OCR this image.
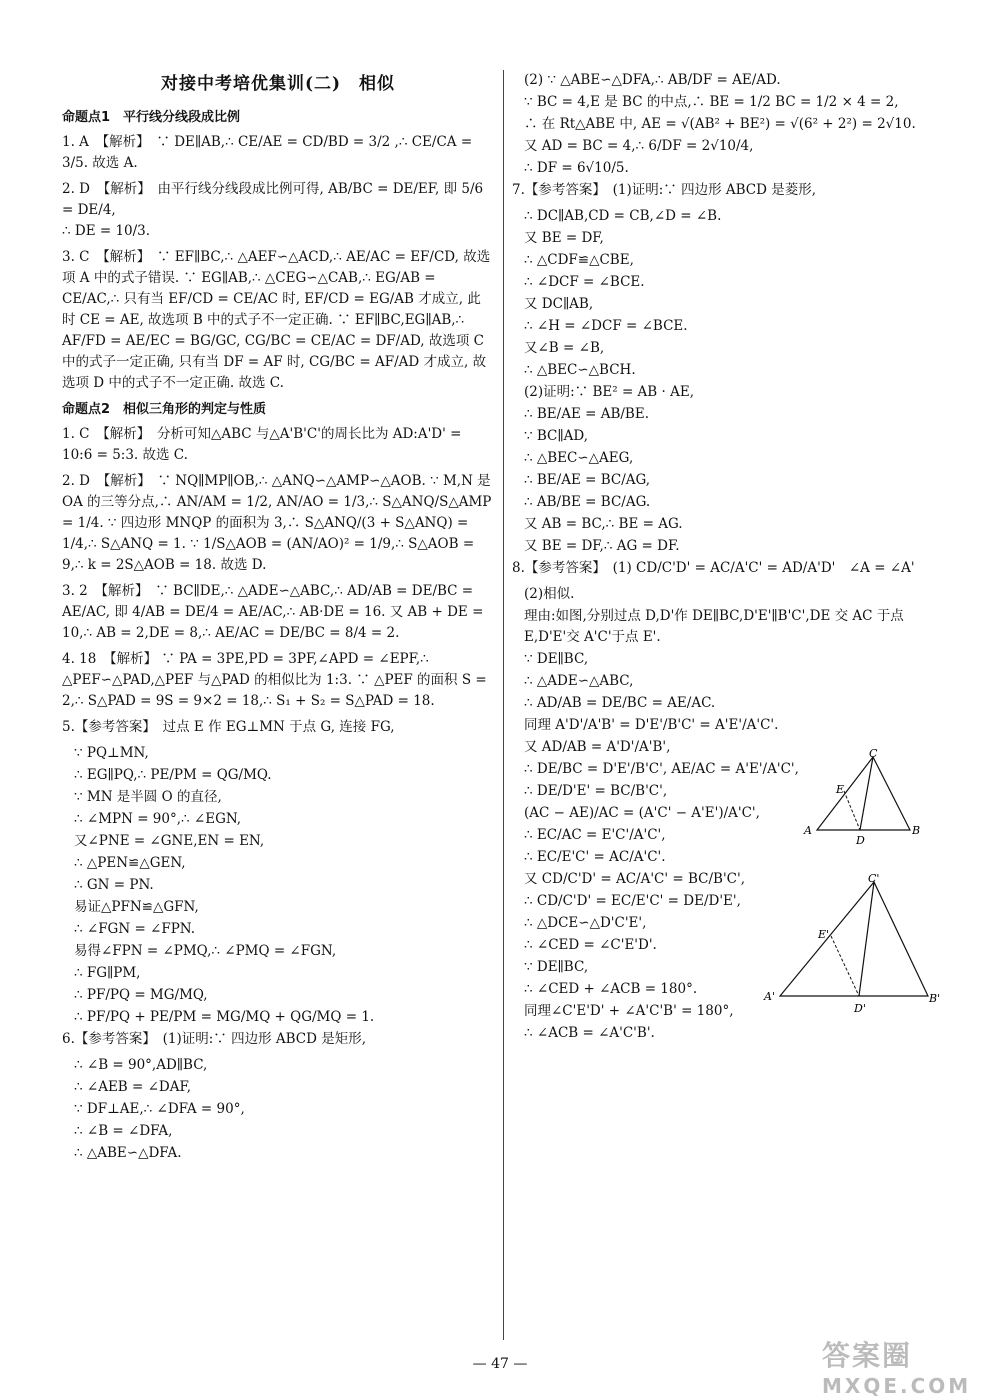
对接中考培优集训(二)　相似
命题点1　平行线分线段成比例
1. A　【解析】　∵ DE∥AB,∴ CE/AE = CD/BD = 3/2 ,∴ CE/CA = 3/5. 故选 A.
2. D　【解析】　由平行线分线段成比例可得, AB/BC = DE/EF, 即 5/6 = DE/4,
∴ DE = 10/3.
3. C　【解析】　∵ EF∥BC,∴ △AEF∽△ACD,∴ AE/AC = EF/CD, 故选项 A 中的式子错误. ∵ EG∥AB,∴ △CEG∽△CAB,∴ EG/AB = CE/AC,∴ 只有当 EF/CD = CE/AC 时, EF/CD = EG/AB 才成立, 此时 CE = AE, 故选项 B 中的式子不一定正确. ∵ EF∥BC,EG∥AB,∴ AF/FD = AE/EC = BG/GC, CG/BC = CE/AC = DF/AD, 故选项 C 中的式子一定正确, 只有当 DF = AF 时, CG/BC = AF/AD 才成立, 故选项 D 中的式子不一定正确. 故选 C.
命题点2　相似三角形的判定与性质
1. C　【解析】　分析可知△ABC 与△A'B'C'的周长比为 AD:A'D' = 10:6 = 5:3. 故选 C.
2. D　【解析】　∵ NQ∥MP∥OB,∴ △ANQ∽△AMP∽△AOB. ∵ M,N 是 OA 的三等分点,∴ AN/AM = 1/2, AN/AO = 1/3,∴ S△ANQ/S△AMP = 1/4. ∵ 四边形 MNQP 的面积为 3,∴ S△ANQ/(3 + S△ANQ) = 1/4,∴ S△ANQ = 1. ∵ 1/S△AOB = (AN/AO)² = 1/9,∴ S△AOB = 9,∴ k = 2S△AOB = 18. 故选 D.
3. 2　【解析】　∵ BC∥DE,∴ △ADE∽△ABC,∴ AD/AB = DE/BC = AE/AC, 即 4/AB = DE/4 = AE/AC,∴ AB·DE = 16. 又 AB + DE = 10,∴ AB = 2,DE = 8,∴ AE/AC = DE/BC = 8/4 = 2.
4. 18　【解析】 ∵ PA = 3PE,PD = 3PF,∠APD = ∠EPF,∴ △PEF∽△PAD,△PEF 与△PAD 的相似比为 1:3. ∵ △PEF 的面积 S = 2,∴ S△PAD = 9S = 9×2 = 18,∴ S₁ + S₂ = S△PAD = 18.
5.【参考答案】　过点 E 作 EG⊥MN 于点 G, 连接 FG,
∵ PQ⊥MN,
∴ EG∥PQ,∴ PE/PM = QG/MQ.
∵ MN 是半圆 O 的直径,
∴ ∠MPN = 90°,∴ ∠EGN,
又∠PNE = ∠GNE,EN = EN,
∴ △PEN≌△GEN,
∴ GN = PN.
易证△PFN≌△GFN,
∴ ∠FGN = ∠FPN.
易得∠FPN = ∠PMQ,∴ ∠PMQ = ∠FGN,
∴ FG∥PM,
∴ PF/PQ = MG/MQ,
∴ PF/PQ + PE/PM = MG/MQ + QG/MQ = 1.
6.【参考答案】　(1)证明:∵ 四边形 ABCD 是矩形,
∴ ∠B = 90°,AD∥BC,
∴ ∠AEB = ∠DAF,
∵ DF⊥AE,∴ ∠DFA = 90°,
∴ ∠B = ∠DFA,
∴ △ABE∽△DFA.
(2) ∵ △ABE∽△DFA,∴ AB/DF = AE/AD.
∵ BC = 4,E 是 BC 的中点,∴ BE = 1/2 BC = 1/2 × 4 = 2,
∴ 在 Rt△ABE 中, AE = √(AB² + BE²) = √(6² + 2²) = 2√10.
又 AD = BC = 4,∴ 6/DF = 2√10/4,
∴ DF = 6√10/5.
7.【参考答案】　(1)证明:∵ 四边形 ABCD 是菱形,
∴ DC∥AB,CD = CB,∠D = ∠B.
又 BE = DF,
∴ △CDF≌△CBE,
∴ ∠DCF = ∠BCE.
又 DC∥AB,
∴ ∠H = ∠DCF = ∠BCE.
又∠B = ∠B,
∴ △BEC∽△BCH.
(2)证明:∵ BE² = AB · AE,
∴ BE/AE = AB/BE.
∵ BC∥AD,
∴ △BEC∽△AEG,
∴ BE/AE = BC/AG,
∴ AB/BE = BC/AG.
又 AB = BC,∴ BE = AG.
又 BE = DF,∴ AG = DF.
8.【参考答案】　(1) CD/C'D' = AC/A'C' = AD/A'D'　∠A = ∠A'
(2)相似.
理由:如图,分别过点 D,D'作 DE∥BC,D'E'∥B'C',DE 交 AC 于点 E,D'E'交 A'C'于点 E'.
∵ DE∥BC,
∴ △ADE∽△ABC,
∴ AD/AB = DE/BC = AE/AC.
同理 A'D'/A'B' = D'E'/B'C' = A'E'/A'C'.
又 AD/AB = A'D'/A'B',
∴ DE/BC = D'E'/B'C', AE/AC = A'E'/A'C',
∴ DE/D'E' = BC/B'C',
(AC − AE)/AC = (A'C' − A'E')/A'C',
∴ EC/AC = E'C'/A'C',
∴ EC/E'C' = AC/A'C'.
又 CD/C'D' = AC/A'C' = BC/B'C',
∴ CD/C'D' = EC/E'C' = DE/D'E',
∴ △DCE∽△D'C'E',
∴ ∠CED = ∠C'E'D'.
∵ DE∥BC,
∴ ∠CED + ∠ACB = 180°.
同理∠C'E'D' + ∠A'C'B' = 180°,
∴ ∠ACB = ∠A'C'B'.
A	B
C
D
E
A'	B'
C'
D'
E'
— 47 —	答案圈
MXQE.COM
